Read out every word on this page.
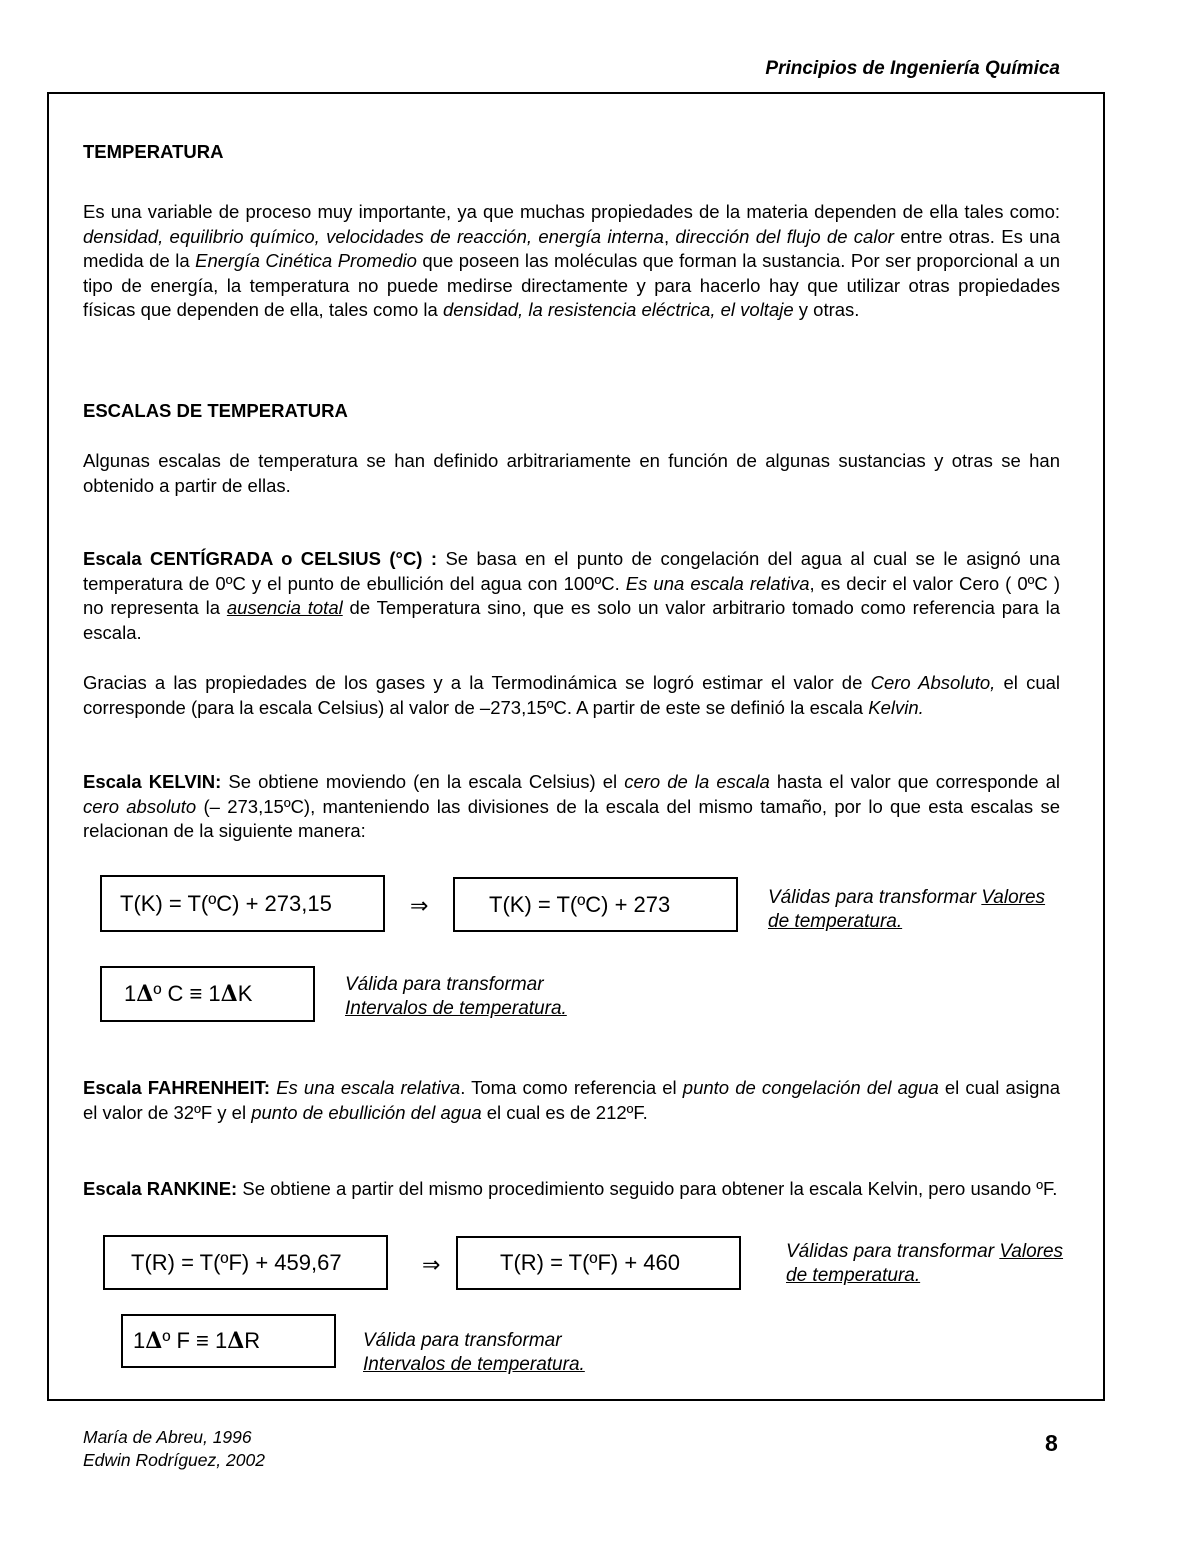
Principios de Ingeniería Química
TEMPERATURA

Es una variable de proceso muy importante, ya que muchas propiedades de la materia dependen de ella tales como: densidad, equilibrio químico, velocidades de reacción, energía interna, dirección del flujo de calor entre otras. Es una medida de la Energía Cinética Promedio que poseen las moléculas que forman la sustancia. Por ser proporcional a un tipo de energía, la temperatura no puede medirse directamente y para hacerlo hay que utilizar otras propiedades físicas que dependen de ella, tales como la densidad, la resistencia eléctrica, el voltaje y otras.

ESCALAS DE TEMPERATURA

Algunas escalas de temperatura se han definido arbitrariamente en función de algunas sustancias y otras se han obtenido a partir de ellas.

Escala CENTÍGRADA o CELSIUS (°C) : Se basa en el punto de congelación del agua al cual se le asignó una temperatura de 0ºC y el punto de ebullición del agua con 100ºC. Es una escala relativa, es decir el valor Cero ( 0ºC ) no representa la ausencia total de Temperatura sino, que es solo un valor arbitrario tomado como referencia para la escala.

Gracias a las propiedades de los gases y a la Termodinámica se logró estimar el valor de Cero Absoluto, el cual corresponde (para la escala Celsius) al valor de –273,15ºC. A partir de este se definió la escala Kelvin.

Escala KELVIN: Se obtiene moviendo (en la escala Celsius) el cero de la escala hasta el valor que corresponde al cero absoluto (– 273,15ºC), manteniendo las divisiones de la escala del mismo tamaño, por lo que esta escalas se relacionan de la siguiente manera:

T(K) = T(ºC) + 273,15	⇒	T(K) = T(ºC) + 273	Válidas para transformar Valores
de temperatura.
1 Δ º C ≡ 1 Δ K	Válida para transformar
Intervalos de temperatura.

Escala FAHRENHEIT: Es una escala relativa. Toma como referencia el punto de congelación del agua el cual asigna el valor de 32ºF y el punto de ebullición del agua el cual es de 212ºF.

Escala RANKINE: Se obtiene a partir del mismo procedimiento seguido para obtener la escala Kelvin, pero usando ºF.

T(R) = T(ºF) + 459,67	⇒	T(R) = T(ºF) + 460	Válidas para transformar Valores
de temperatura.
1 Δ º F ≡ 1 Δ R	Válida para transformar
Intervalos de temperatura.
María de Abreu, 1996
Edwin Rodríguez, 2002
8
